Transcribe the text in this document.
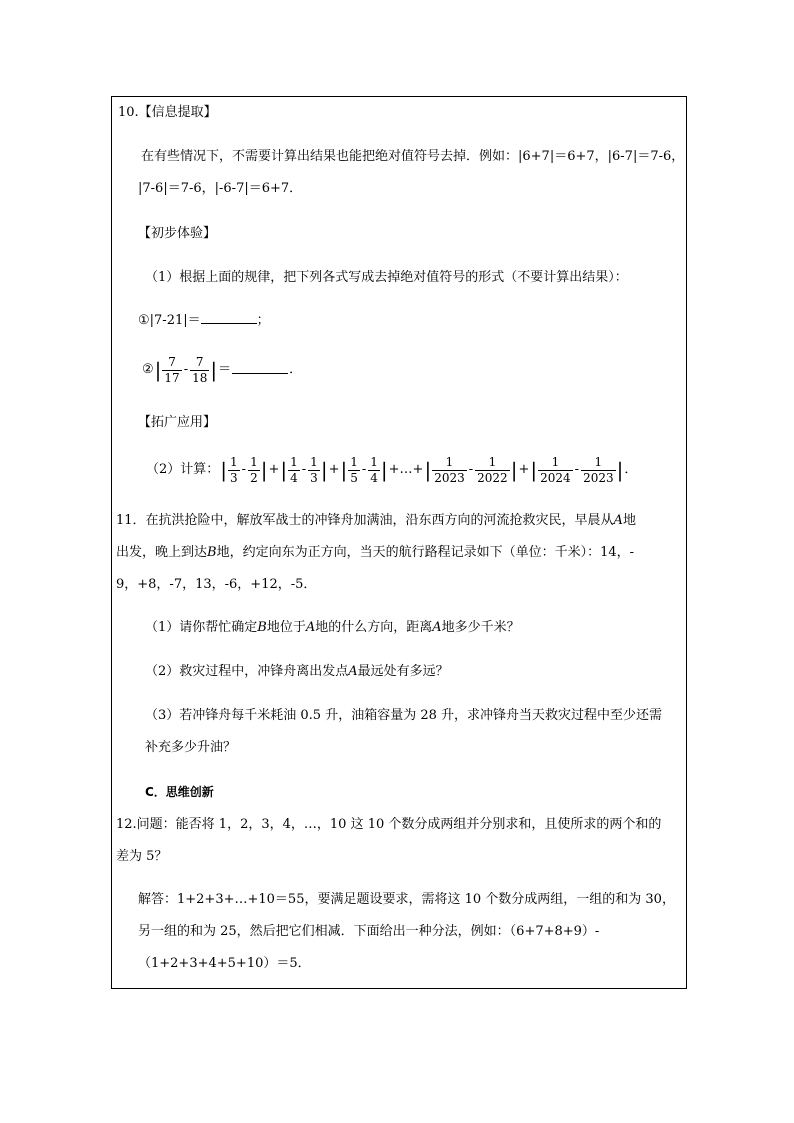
10.【信息提取】
在有些情况下，不需要计算出结果也能把绝对值符号去掉．例如：|6+7|＝6+7，|6-7|＝7-6，
|7-6|＝7-6，|-6-7|＝6+7．
【初步体验】
（1）根据上面的规律，把下列各式写成去掉绝对值符号的形式（不要计算出结果）：
①|7-21|＝	；
②| $\frac{7}{17} - \frac{7}{18}$ |＝	．
【拓广应用】
（2）计算：| $\frac{1}{3} - \frac{1}{2}$ |+| $\frac{1}{4} - \frac{1}{3}$ |+| $\frac{1}{5} - \frac{1}{4}$ |+…+| $\frac{1}{2023} - \frac{1}{2022}$ |+| $\frac{1}{2024} - \frac{1}{2023}$ |．
11．在抗洪抢险中，解放军战士的冲锋舟加满油，沿东西方向的河流抢救灾民，早晨从A地
出发，晚上到达B地，约定向东为正方向，当天的航行路程记录如下（单位：千米）：14，-
9，+8，-7，13，-6，+12，-5．
（1）请你帮忙确定B地位于A地的什么方向，距离A地多少千米？
（2）救灾过程中，冲锋舟离出发点A最远处有多远？
（3）若冲锋舟每千米耗油 0.5 升，油箱容量为 28 升，求冲锋舟当天救灾过程中至少还需
补充多少升油？
C．思维创新
12.问题：能否将 1，2，3，4，…，10 这 10 个数分成两组并分别求和，且使所求的两个和的
差为 5？
解答：1+2+3+…+10＝55，要满足题设要求，需将这 10 个数分成两组，一组的和为 30，
另一组的和为 25，然后把它们相减．下面给出一种分法，例如：（6+7+8+9）-
（1+2+3+4+5+10）＝5．
